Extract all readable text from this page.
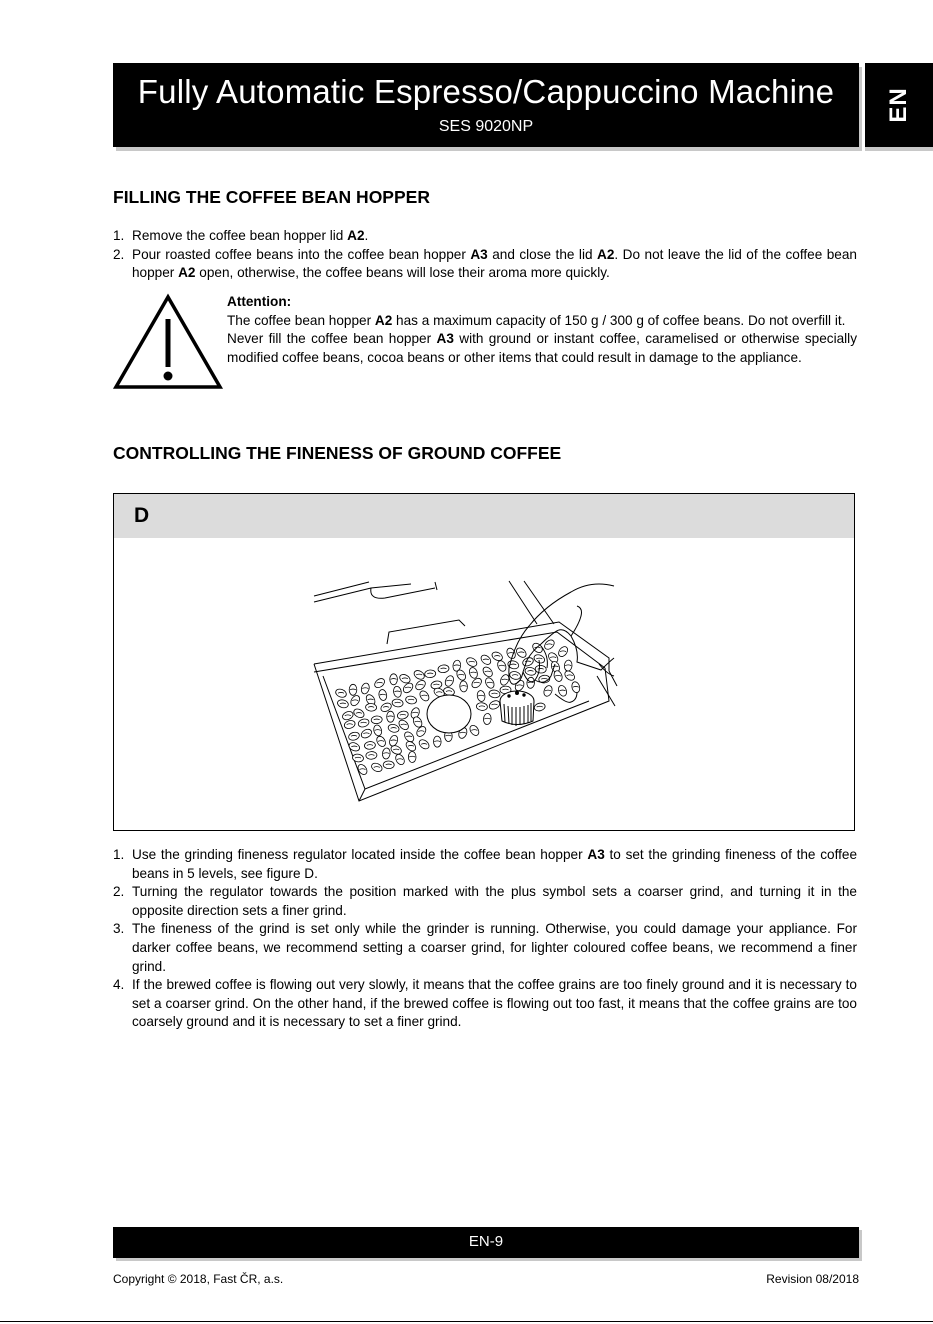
Fully Automatic Espresso/Cappuccino Machine
SES 9020NP
EN
FILLING THE COFFEE BEAN HOPPER
1. Remove the coffee bean hopper lid A2.
2. Pour roasted coffee beans into the coffee bean hopper A3 and close the lid A2. Do not leave the lid of the coffee bean hopper A2 open, otherwise, the coffee beans will lose their aroma more quickly.

Attention:

The coffee bean hopper A2 has a maximum capacity of 150 g / 300 g of coffee beans. Do not overfill it.

Never fill the coffee bean hopper A3 with ground or instant coffee, caramelised or otherwise specially modified coffee beans, cocoa beans or other items that could result in damage to the appliance.

CONTROLLING THE FINENESS OF GROUND COFFEE
D
1. Use the grinding fineness regulator located inside the coffee bean hopper A3 to set the grinding fineness of the coffee beans in 5 levels, see figure D.
2. Turning the regulator towards the position marked with the plus symbol sets a coarser grind, and turning it in the opposite direction sets a finer grind.
3. The fineness of the grind is set only while the grinder is running. Otherwise, you could damage your appliance. For darker coffee beans, we recommend setting a coarser grind, for lighter coloured coffee beans, we recommend a finer grind.
4. If the brewed coffee is flowing out very slowly, it means that the coffee grains are too finely ground and it is necessary to set a coarser grind. On the other hand, if the brewed coffee is flowing out too fast, it means that the coffee grains are too coarsely ground and it is necessary to set a finer grind.
EN-9
Copyright © 2018, Fast ČR, a.s.	Revision 08/2018
